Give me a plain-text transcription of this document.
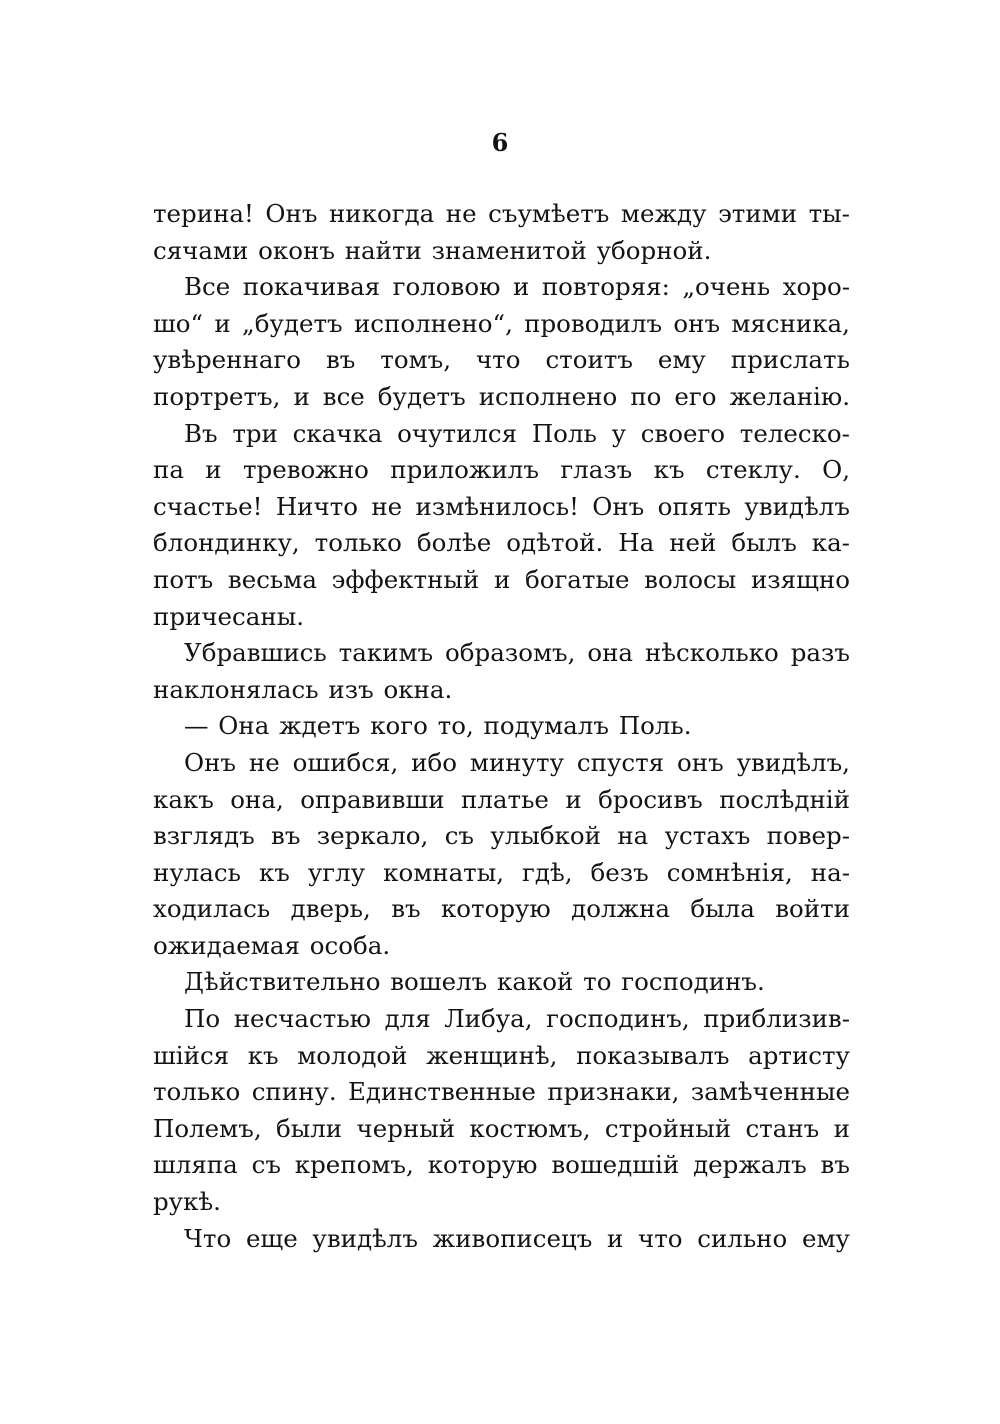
6
терина! Онъ никогда не съумѣетъ между этими ты-
сячами оконъ найти знаменитой уборной.
Все покачивая головою и повторяя: „очень хоро-
шо“ и „будетъ исполнено“, проводилъ онъ мясника,
увѣреннаго въ томъ, что стоитъ ему прислать
портретъ, и все будетъ исполнено по его желанію.
Въ три скачка очутился Поль у своего телеско-
па и тревожно приложилъ глазъ къ стеклу. О,
счастье! Ничто не измѣнилось! Онъ опять увидѣлъ
блондинку, только болѣе одѣтой. На ней былъ ка-
потъ весьма эффектный и богатые волосы изящно
причесаны.
Убравшись такимъ образомъ, она нѣсколько разъ
наклонялась изъ окна.
— Она ждетъ кого то, подумалъ Поль.
Онъ не ошибся, ибо минуту спустя онъ увидѣлъ,
какъ она, оправивши платье и бросивъ послѣдній
взглядъ въ зеркало, съ улыбкой на устахъ повер-
нулась къ углу комнаты, гдѣ, безъ сомнѣнія, на-
ходилась дверь, въ которую должна была войти
ожидаемая особа.
Дѣйствительно вошелъ какой то господинъ.
По несчастью для Либуа, господинъ, приблизив-
шійся къ молодой женщинѣ, показывалъ артисту
только спину. Единственные признаки, замѣченные
Полемъ, были черный костюмъ, стройный станъ и
шляпа съ крепомъ, которую вошедшій держалъ въ
рукѣ.
Что еще увидѣлъ живописецъ и что сильно ему
